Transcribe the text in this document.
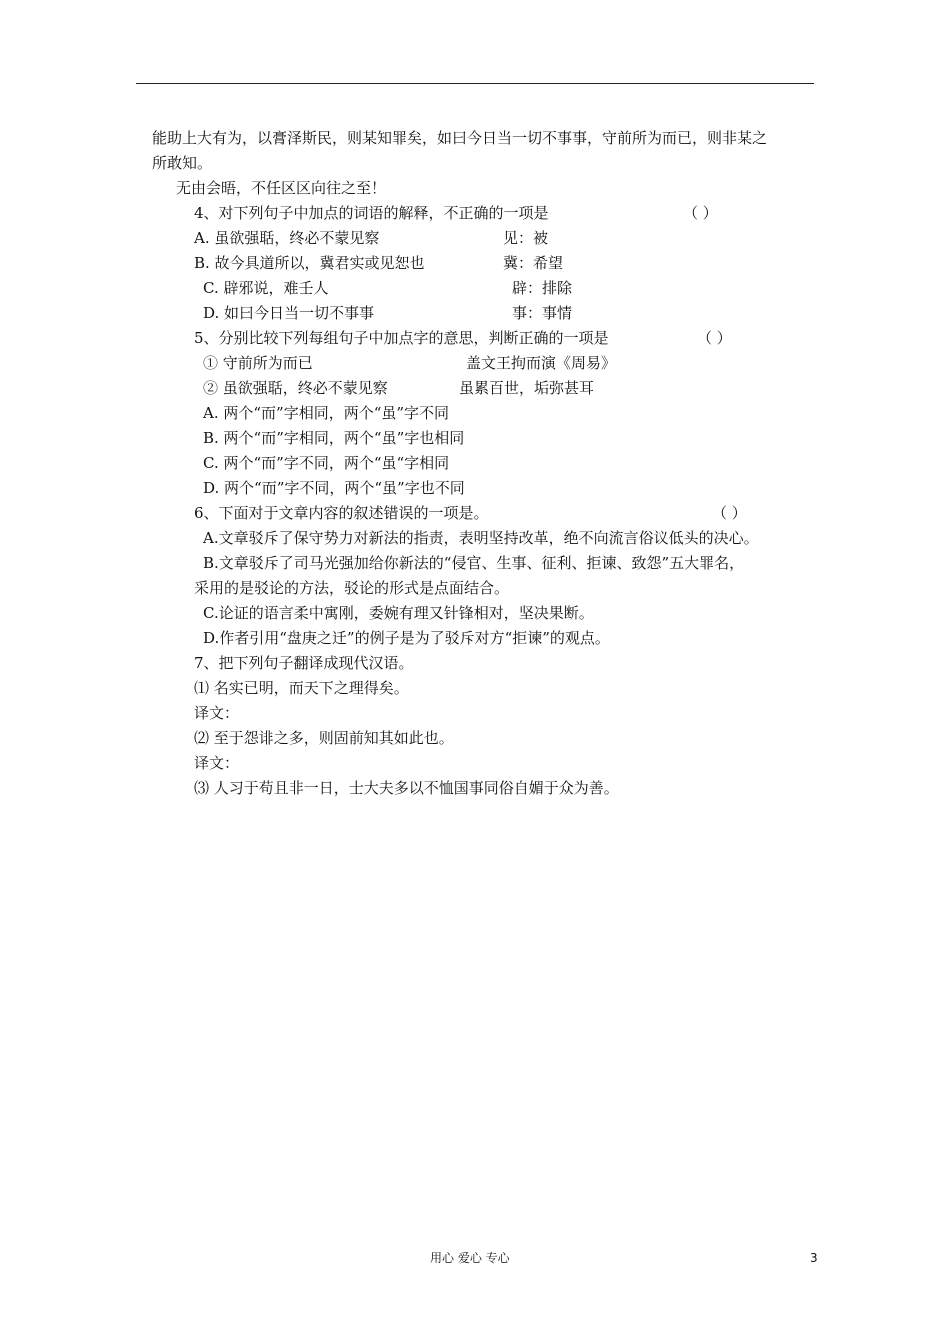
能助上大有为，以膏泽斯民，则某知罪矣，如曰今日当一切不事事，守前所为而已，则非某之
所敢知。
无由会晤，不任区区向往之至！
4、对下列句子中加点的词语的解释，不正确的一项是	（ ）
A. 虽欲强聒，终必不蒙见察	见：被
B. 故今具道所以，冀君实或见恕也	冀：希望
C. 辟邪说，难壬人	辟：排除
D. 如曰今日当一切不事事	事：事情
5、分别比较下列每组句子中加点字的意思，判断正确的一项是	（ ）
① 守前所为而已	盖文王拘而演《周易》
② 虽欲强聒，终必不蒙见察	虽累百世，垢弥甚耳
A. 两个“而”字相同，两个“虽”字不同
B. 两个“而”字相同，两个“虽”字也相同
C. 两个“而”字不同，两个“虽“字相同
D. 两个“而”字不同，两个“虽”字也不同
6、下面对于文章内容的叙述错误的一项是。	（ ）
A.文章驳斥了保守势力对新法的指责，表明坚持改革，绝不向流言俗议低头的决心。
B.文章驳斥了司马光强加给你新法的“侵官、生事、征利、拒谏、致怨”五大罪名，
采用的是驳论的方法，驳论的形式是点面结合。
C.论证的语言柔中寓刚，委婉有理又针锋相对，坚决果断。
D.作者引用“盘庚之迁”的例子是为了驳斥对方“拒谏”的观点。
7、把下列句子翻译成现代汉语。
⑴ 名实已明，而天下之理得矣。
译文：
⑵ 至于怨诽之多，则固前知其如此也。
译文：
⑶ 人习于苟且非一日，士大夫多以不恤国事同俗自媚于众为善。
用心 爱心 专心	3
